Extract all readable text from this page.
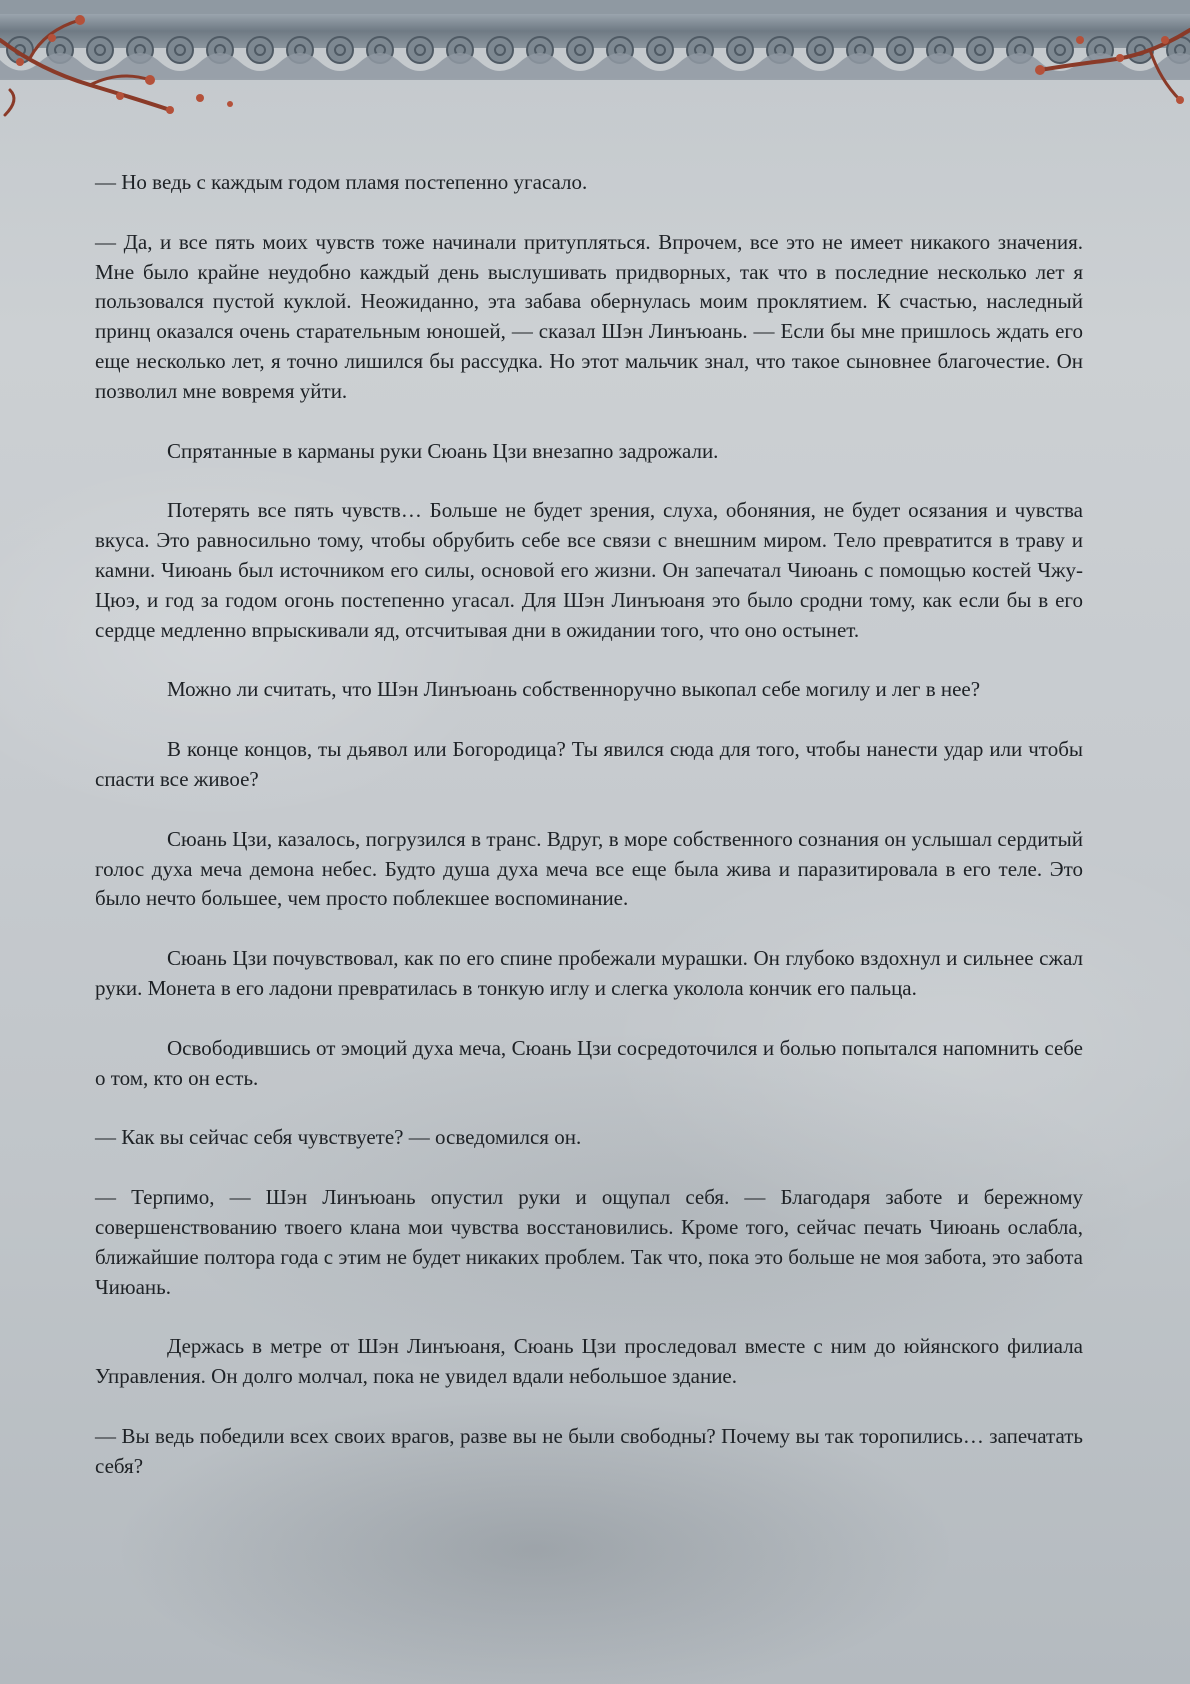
— Но ведь с каждым годом пламя постепенно угасало.

— Да, и все пять моих чувств тоже начинали притупляться. Впрочем, все это не имеет никакого значения. Мне было крайне неудобно каждый день выслушивать придворных, так что в последние несколько лет я пользовался пустой куклой. Неожиданно, эта забава обернулась моим проклятием. К счастью, наследный принц оказался очень старательным юношей, — сказал Шэн Линъюань. — Если бы мне пришлось ждать его еще несколько лет, я точно лишился бы рассудка. Но этот мальчик знал, что такое сыновнее благочестие. Он позволил мне вовремя уйти.

Спрятанные в карманы руки Сюань Цзи внезапно задрожали.

Потерять все пять чувств… Больше не будет зрения, слуха, обоняния, не будет осязания и чувства вкуса. Это равносильно тому, чтобы обрубить себе все связи с внешним миром. Тело превратится в траву и камни. Чиюань был источником его силы, основой его жизни. Он запечатал Чиюань с помощью костей Чжу-Цюэ, и год за годом огонь постепенно угасал. Для Шэн Линъюаня это было сродни тому, как если бы в его сердце медленно впрыскивали яд, отсчитывая дни в ожидании того, что оно остынет.

Можно ли считать, что Шэн Линъюань собственноручно выкопал себе могилу и лег в нее?

В конце концов, ты дьявол или Богородица? Ты явился сюда для того, чтобы нанести удар или чтобы спасти все живое?

Сюань Цзи, казалось, погрузился в транс. Вдруг, в море собственного сознания он услышал сердитый голос духа меча демона небес. Будто душа духа меча все еще была жива и паразитировала в его теле. Это было нечто большее, чем просто поблекшее воспоминание.

Сюань Цзи почувствовал, как по его спине пробежали мурашки. Он глубоко вздохнул и сильнее сжал руки. Монета в его ладони превратилась в тонкую иглу и слегка уколола кончик его пальца.

Освободившись от эмоций духа меча, Сюань Цзи сосредоточился и болью попытался напомнить себе о том, кто он есть.

— Как вы сейчас себя чувствуете? — осведомился он.

— Терпимо, — Шэн Линъюань опустил руки и ощупал себя. — Благодаря заботе и бережному совершенствованию твоего клана мои чувства восстановились. Кроме того, сейчас печать Чиюань ослабла, ближайшие полтора года с этим не будет никаких проблем. Так что, пока это больше не моя забота, это забота Чиюань.

Держась в метре от Шэн Линъюаня, Сюань Цзи проследовал вместе с ним до юйянского филиала Управления. Он долго молчал, пока не увидел вдали небольшое здание.

— Вы ведь победили всех своих врагов, разве вы не были свободны? Почему вы так торопились… запечатать себя?
